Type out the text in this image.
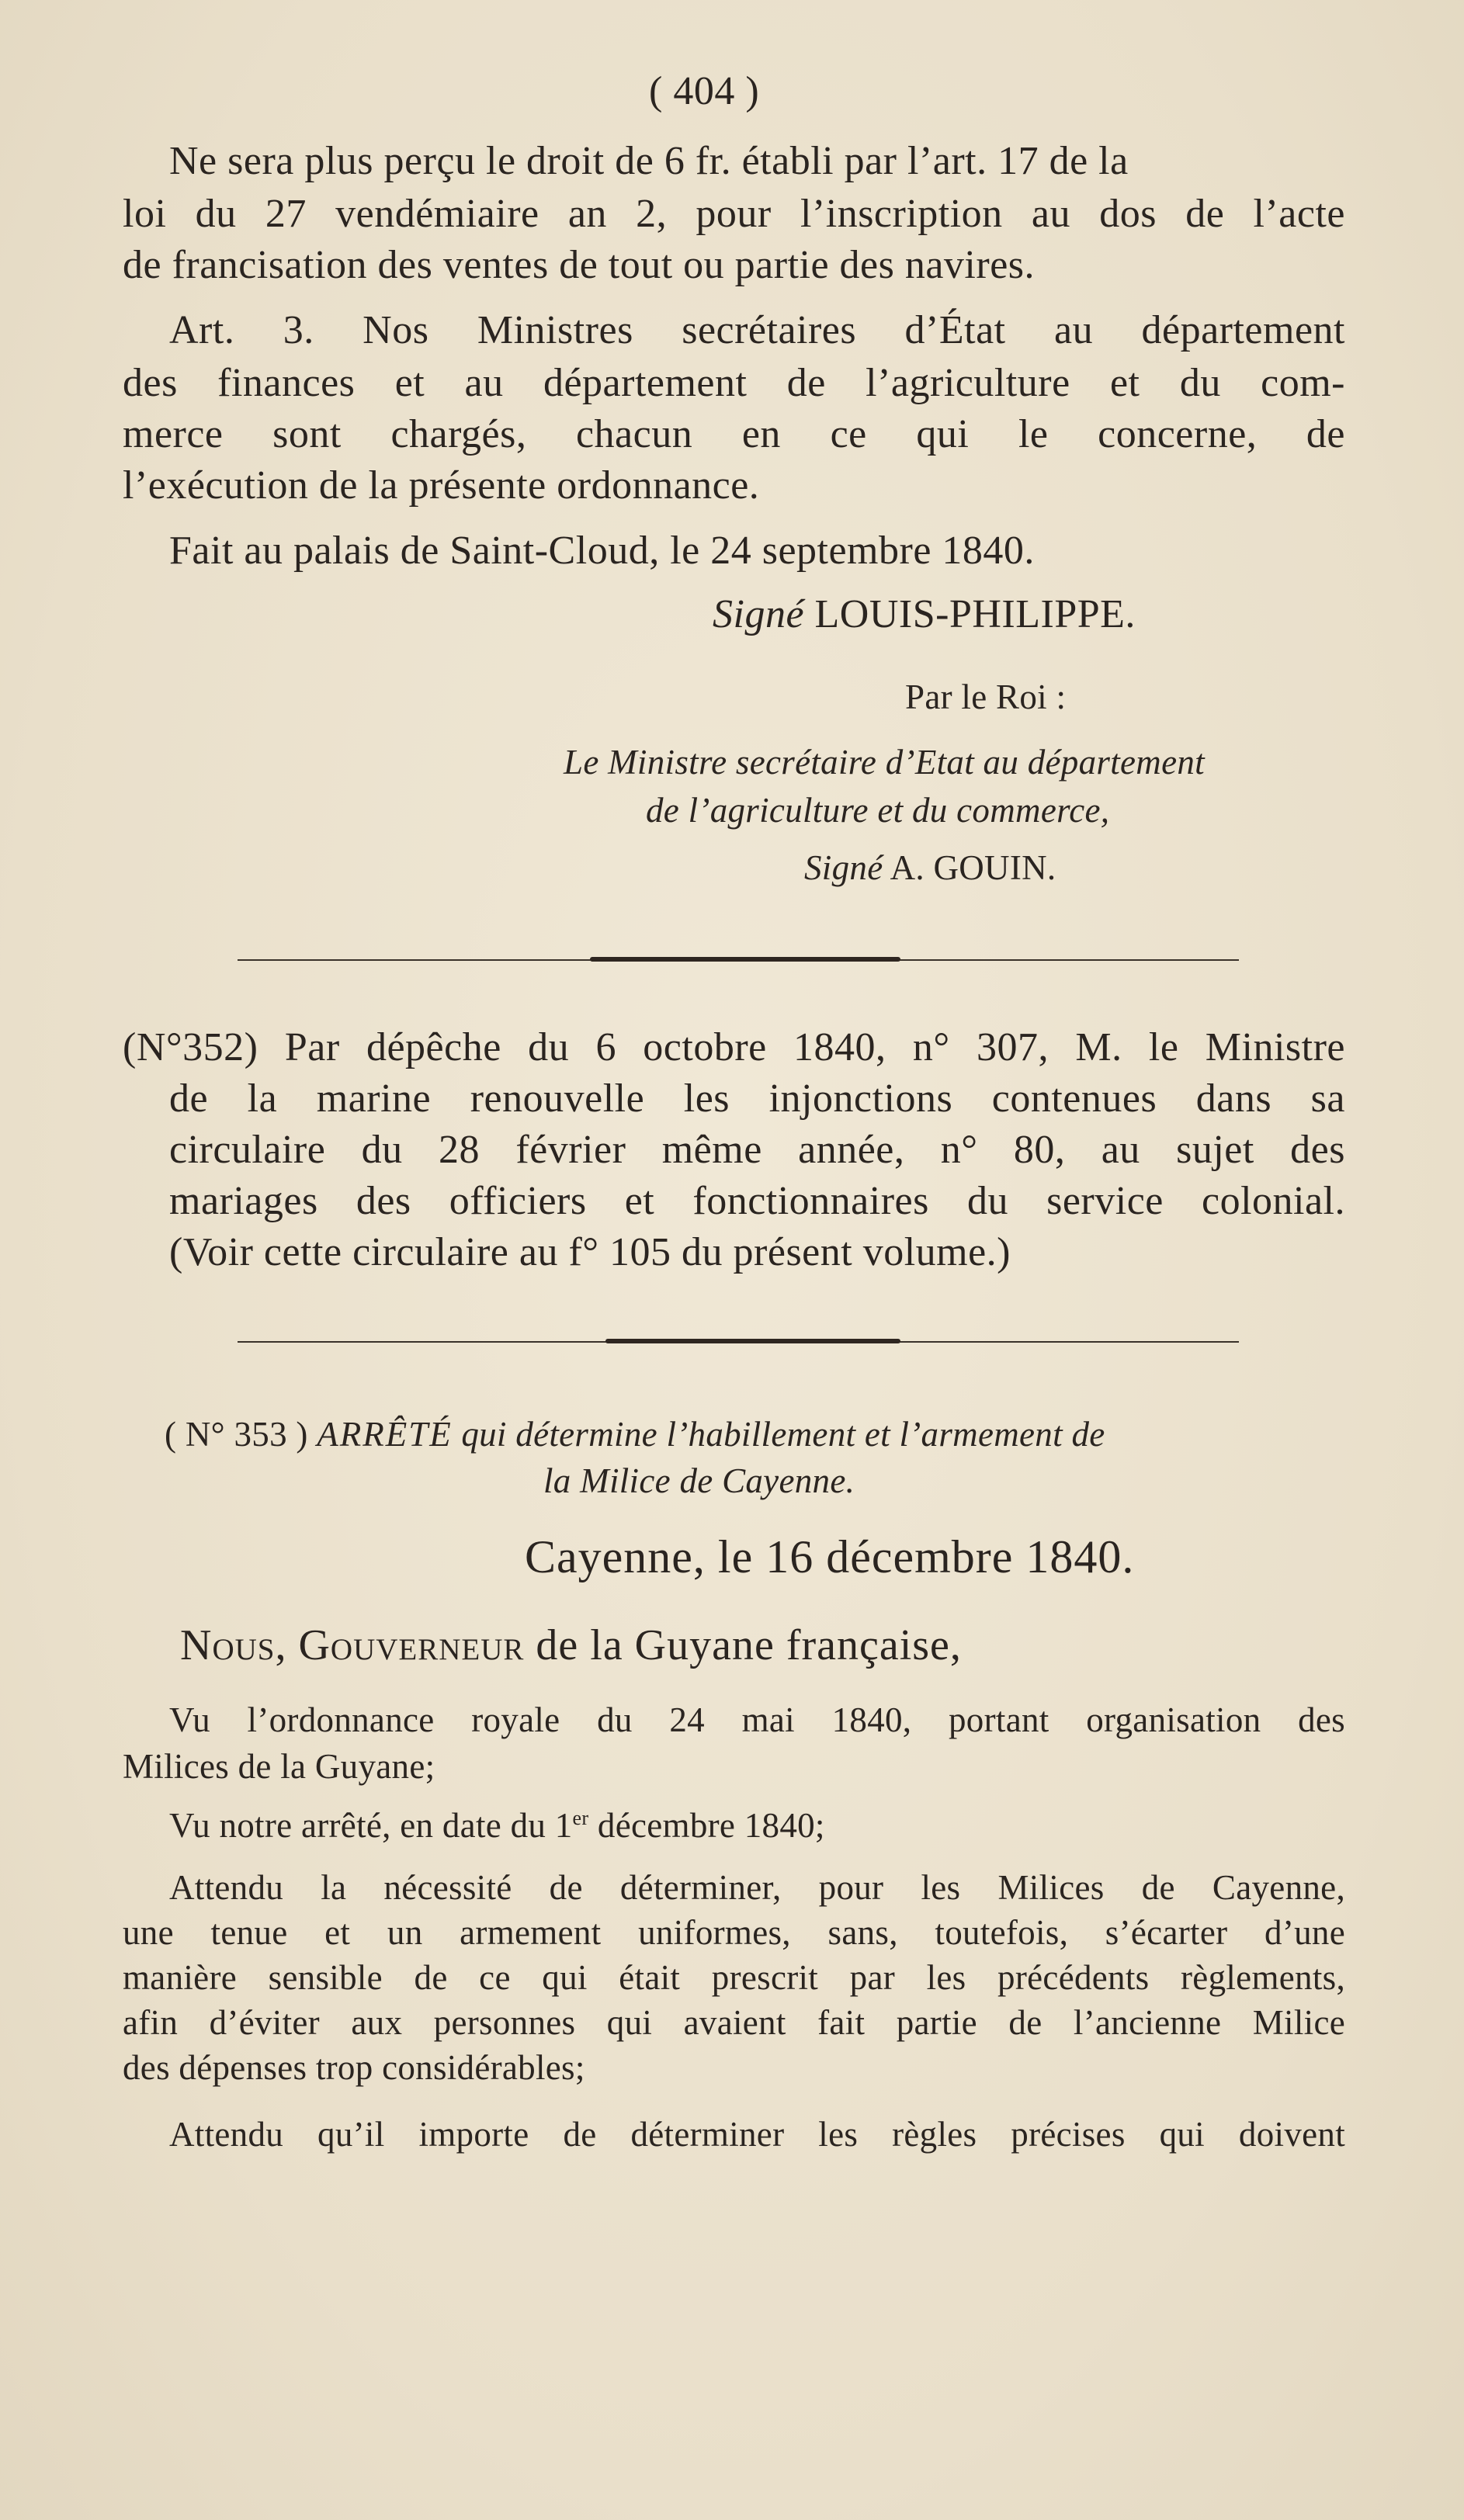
( 404 )
Ne sera plus perçu le droit de 6 fr. établi par l’art. 17 de la
loi du 27 vendémiaire an 2, pour l’inscription au dos de l’acte
de francisation des ventes de tout ou partie des navires.
Art. 3. Nos Ministres secrétaires d’État au département
des finances et au département de l’agriculture et du com-
merce sont chargés, chacun en ce qui le concerne, de
l’exécution de la présente ordonnance.
Fait au palais de Saint-Cloud, le 24 septembre 1840.
Signé LOUIS-PHILIPPE.
Par le Roi :
Le Ministre secrétaire d’Etat au département
de l’agriculture et du commerce,
Signé A. GOUIN.
(N°352) Par dépêche du 6 octobre 1840, n° 307, M. le Ministre
de la marine renouvelle les injonctions contenues dans sa
circulaire du 28 février même année, n° 80, au sujet des
mariages des officiers et fonctionnaires du service colonial.
(Voir cette circulaire au f° 105 du présent volume.)
( N° 353 ) ARRÊTÉ qui détermine l’habillement et l’armement de
la Milice de Cayenne.
Cayenne, le 16 décembre 1840.
Nous, Gouverneur de la Guyane française,
Vu l’ordonnance royale du 24 mai 1840, portant organisation des
Milices de la Guyane;
Vu notre arrêté, en date du 1er décembre 1840;
Attendu la nécessité de déterminer, pour les Milices de Cayenne,
une tenue et un armement uniformes, sans, toutefois, s’écarter d’une
manière sensible de ce qui était prescrit par les précédents règlements,
afin d’éviter aux personnes qui avaient fait partie de l’ancienne Milice
des dépenses trop considérables;
Attendu qu’il importe de déterminer les règles précises qui doivent
